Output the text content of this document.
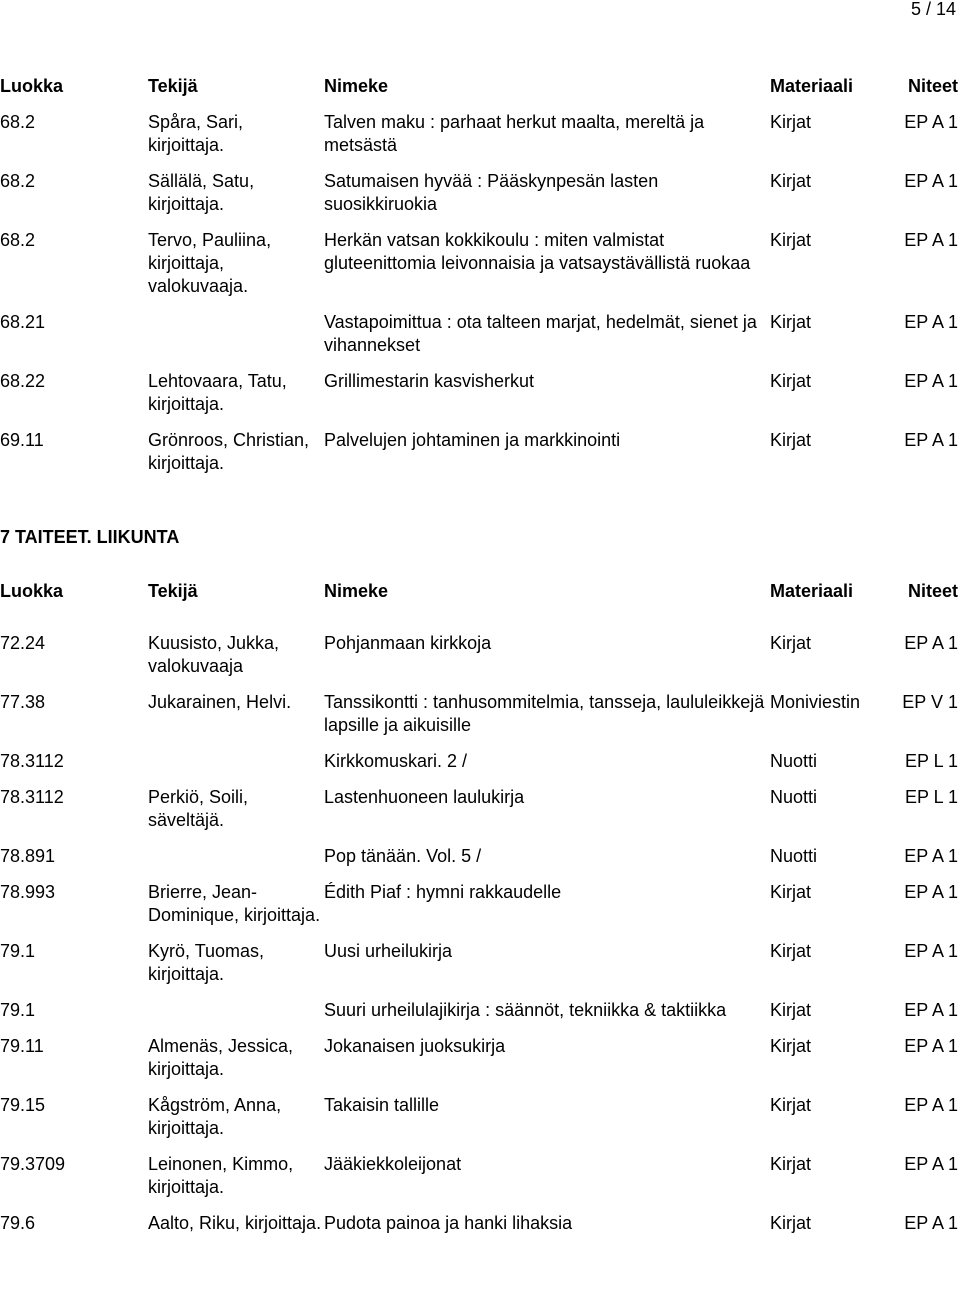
5 / 14
Luokka	Tekijä	Nimeke	Materiaali	Niteet
68.2	Spåra, Sari, kirjoittaja.	Talven maku : parhaat herkut maalta, mereltä ja metsästä	Kirjat	EP A 1
68.2	Sällälä, Satu, kirjoittaja.	Satumaisen hyvää : Pääskynpesän lasten suosikkiruokia	Kirjat	EP A 1
68.2	Tervo, Pauliina, kirjoittaja, valokuvaaja.	Herkän vatsan kokkikoulu : miten valmistat gluteenittomia leivonnaisia ja vatsaystävällistä ruokaa	Kirjat	EP A 1
68.21		Vastapoimittua : ota talteen marjat, hedelmät, sienet ja vihannekset	Kirjat	EP A 1
68.22	Lehtovaara, Tatu, kirjoittaja.	Grillimestarin kasvisherkut	Kirjat	EP A 1
69.11	Grönroos, Christian, kirjoittaja.	Palvelujen johtaminen ja markkinointi	Kirjat	EP A 1
7 TAITEET. LIIKUNTA
Luokka	Tekijä	Nimeke	Materiaali	Niteet
72.24	Kuusisto, Jukka, valokuvaaja	Pohjanmaan kirkkoja	Kirjat	EP A 1
77.38	Jukarainen, Helvi.	Tanssikontti : tanhusommitelmia, tansseja, laululeikkejä lapsille ja aikuisille	Moniviestin	EP V 1
78.3112		Kirkkomuskari. 2 /	Nuotti	EP L 1
78.3112	Perkiö, Soili, säveltäjä.	Lastenhuoneen laulukirja	Nuotti	EP L 1
78.891		Pop tänään. Vol. 5 /	Nuotti	EP A 1
78.993	Brierre, Jean-Dominique, kirjoittaja.	Édith Piaf : hymni rakkaudelle	Kirjat	EP A 1
79.1	Kyrö, Tuomas, kirjoittaja.	Uusi urheilukirja	Kirjat	EP A 1
79.1		Suuri urheilulajikirja : säännöt, tekniikka & taktiikka	Kirjat	EP A 1
79.11	Almenäs, Jessica, kirjoittaja.	Jokanaisen juoksukirja	Kirjat	EP A 1
79.15	Kågström, Anna, kirjoittaja.	Takaisin tallille	Kirjat	EP A 1
79.3709	Leinonen, Kimmo, kirjoittaja.	Jääkiekkoleijonat	Kirjat	EP A 1
79.6	Aalto, Riku, kirjoittaja.	Pudota painoa ja hanki lihaksia	Kirjat	EP A 1
